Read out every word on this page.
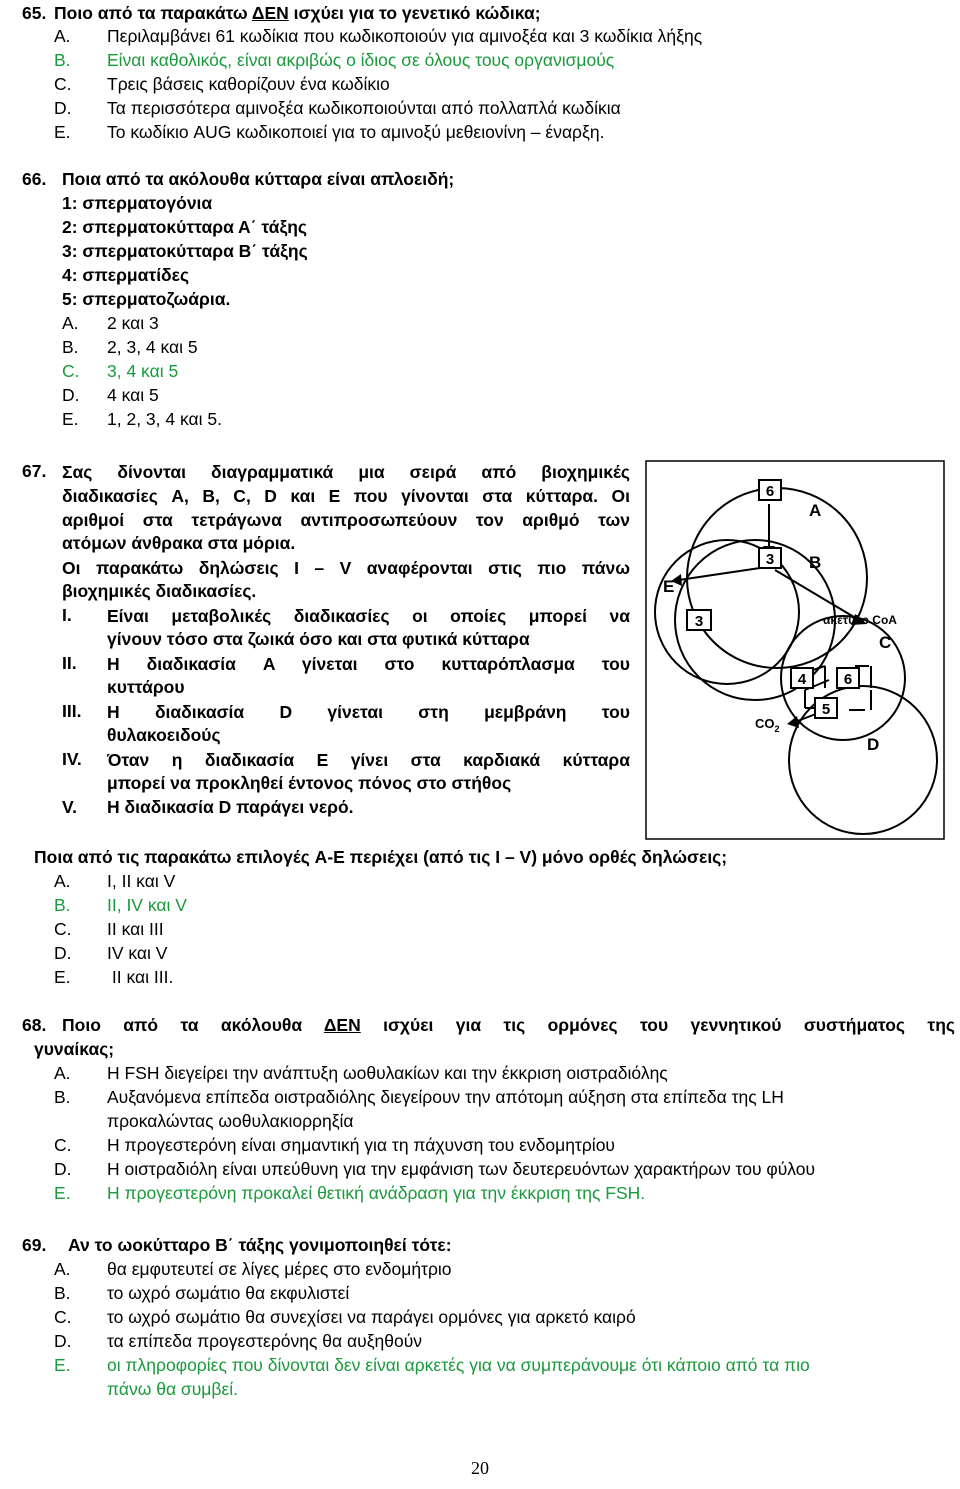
65. Ποιο από τα παρακάτω ΔΕΝ ισχύει για το γενετικό κώδικα;
A. Περιλαμβάνει 61 κωδίκια που κωδικοποιούν για αμινοξέα και 3 κωδίκια λήξης
B. Είναι καθολικός, είναι ακριβώς ο ίδιος σε όλους τους οργανισμούς
C. Τρεις βάσεις καθορίζουν ένα κωδίκιο
D. Τα περισσότερα αμινοξέα κωδικοποιούνται από πολλαπλά κωδίκια
E. Το κωδίκιο AUG κωδικοποιεί για το αμινοξύ μεθειονίνη – έναρξη.
66. Ποια από τα ακόλουθα κύτταρα είναι απλοειδή;
1: σπερματογόνια
2: σπερματοκύτταρα Α΄ τάξης
3: σπερματοκύτταρα Β΄ τάξης
4: σπερματίδες
5: σπερματοζωάρια.
A. 2 και 3
B. 2, 3, 4 και 5
C. 3, 4 και 5
D. 4 και 5
E. 1, 2, 3, 4 και 5.
67. Σας δίνονται διαγραμματικά μια σειρά από βιοχημικές
διαδικασίες A, B, C, D και E που γίνονται στα κύτταρα. Οι
αριθμοί στα τετράγωνα αντιπροσωπεύουν τον αριθμό των
ατόμων άνθρακα στα μόρια.
Οι παρακάτω δηλώσεις I – V αναφέρονται στις πιο πάνω
βιοχημικές διαδικασίες.
I. Είναι μεταβολικές διαδικασίες οι οποίες μπορεί να
γίνουν τόσο στα ζωικά όσο και στα φυτικά κύτταρα
II. Η διαδικασία A γίνεται στο κυτταρόπλασμα του
κυττάρου
III. Η διαδικασία D γίνεται στη μεμβράνη του
θυλακοειδούς
IV. Όταν η διαδικασία E γίνει στα καρδιακά κύτταρα
μπορεί να προκληθεί έντονος πόνος στο στήθος
V. Η διαδικασία D παράγει νερό.
6
3
3
4	6
5
A
B
E
ακετυλο CoA
C
$CO_2$
D
Ποια από τις παρακάτω επιλογές A-E περιέχει (από τις I – V) μόνο ορθές δηλώσεις;
A. I, II και V
B. II, IV και V
C. II και III
D. IV και V
E. II και III.
68. Ποιο από τα ακόλουθα ΔΕΝ ισχύει για τις ορμόνες του γεννητικού συστήματος της
γυναίκας;
A. Η FSH διεγείρει την ανάπτυξη ωοθυλακίων και την έκκριση οιστραδιόλης
B. Αυξανόμενα επίπεδα οιστραδιόλης διεγείρουν την απότομη αύξηση στα επίπεδα της LH
προκαλώντας ωοθυλακιορρηξία
C. Η προγεστερόνη είναι σημαντική για τη πάχυνση του ενδομητρίου
D. Η οιστραδιόλη είναι υπεύθυνη για την εμφάνιση των δευτερευόντων χαρακτήρων του φύλου
E. Η προγεστερόνη προκαλεί θετική ανάδραση για την έκκριση της FSH.
69. Αν το ωοκύτταρο Β΄ τάξης γονιμοποιηθεί τότε:
A. θα εμφυτευτεί σε λίγες μέρες στο ενδομήτριο
B. το ωχρό σωμάτιο θα εκφυλιστεί
C. το ωχρό σωμάτιο θα συνεχίσει να παράγει ορμόνες για αρκετό καιρό
D. τα επίπεδα προγεστερόνης θα αυξηθούν
E. οι πληροφορίες που δίνονται δεν είναι αρκετές για να συμπεράνουμε ότι κάποιο από τα πιο
πάνω θα συμβεί.
20
